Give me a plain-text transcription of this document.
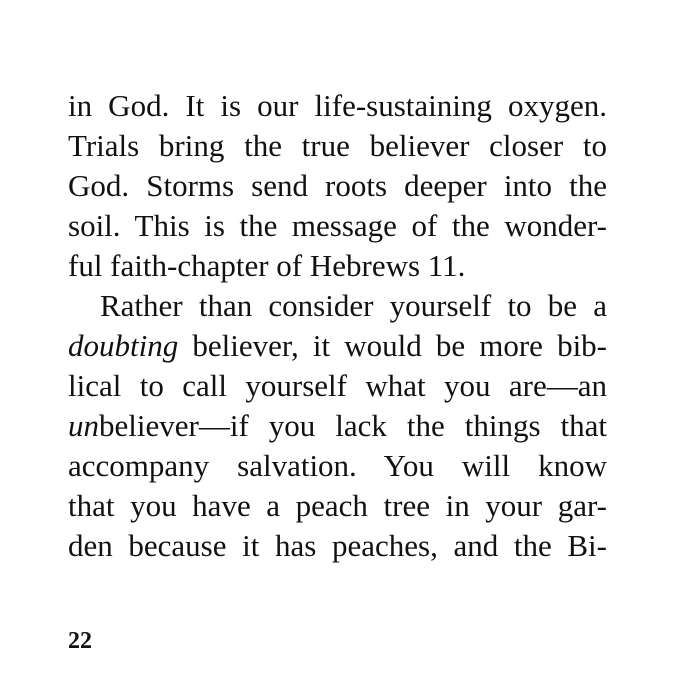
in God. It is our life-sustaining oxygen.
Trials bring the true believer closer to
God. Storms send roots deeper into the
soil. This is the message of the wonder-
ful faith-chapter of Hebrews 11.
Rather than consider yourself to be a
doubting believer, it would be more bib-
lical to call yourself what you are—an
unbeliever—if you lack the things that
accompany salvation. You will know
that you have a peach tree in your gar-
den because it has peaches, and the Bi-
22
